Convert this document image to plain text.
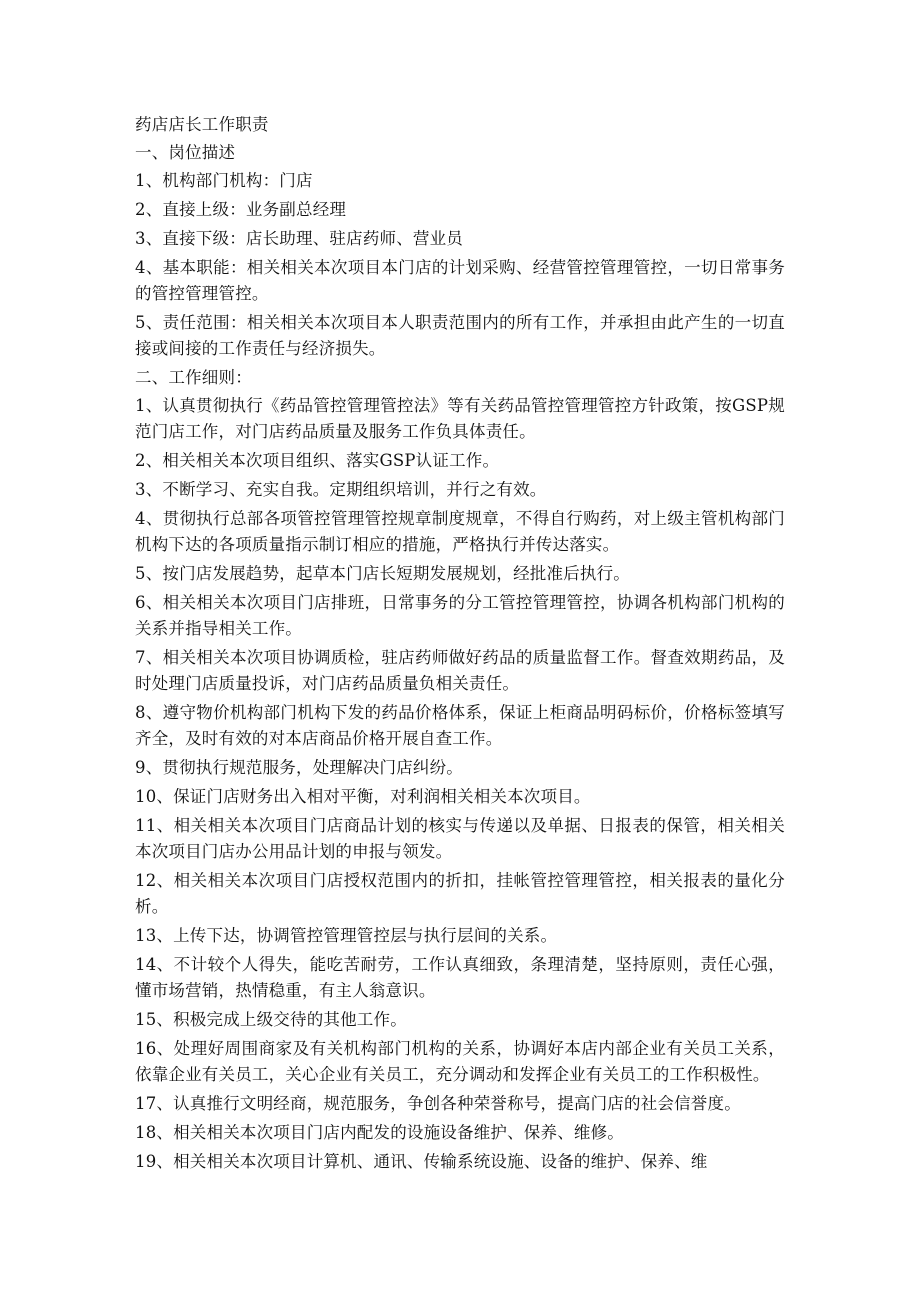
药店店长工作职责
一、岗位描述
1、机构部门机构：门店
2、直接上级：业务副总经理
3、直接下级：店长助理、驻店药师、营业员
4、基本职能：相关相关本次项目本门店的计划采购、经营管控管理管控，一切日常事务的管控管理管控。
5、责任范围：相关相关本次项目本人职责范围内的所有工作，并承担由此产生的一切直接或间接的工作责任与经济损失。
二、工作细则：
1、认真贯彻执行《药品管控管理管控法》等有关药品管控管理管控方针政策，按GSP规范门店工作，对门店药品质量及服务工作负具体责任。
2、相关相关本次项目组织、落实GSP认证工作。
3、不断学习、充实自我。定期组织培训，并行之有效。
4、贯彻执行总部各项管控管理管控规章制度规章，不得自行购药，对上级主管机构部门机构下达的各项质量指示制订相应的措施，严格执行并传达落实。
5、按门店发展趋势，起草本门店长短期发展规划，经批准后执行。
6、相关相关本次项目门店排班，日常事务的分工管控管理管控，协调各机构部门机构的关系并指导相关工作。
7、相关相关本次项目协调质检，驻店药师做好药品的质量监督工作。督查效期药品，及时处理门店质量投诉，对门店药品质量负相关责任。
8、遵守物价机构部门机构下发的药品价格体系，保证上柜商品明码标价，价格标签填写齐全，及时有效的对本店商品价格开展自查工作。
9、贯彻执行规范服务，处理解决门店纠纷。
10、保证门店财务出入相对平衡，对利润相关相关本次项目。
11、相关相关本次项目门店商品计划的核实与传递以及单据、日报表的保管，相关相关本次项目门店办公用品计划的申报与领发。
12、相关相关本次项目门店授权范围内的折扣，挂帐管控管理管控，相关报表的量化分析。
13、上传下达，协调管控管理管控层与执行层间的关系。
14、不计较个人得失，能吃苦耐劳，工作认真细致，条理清楚，坚持原则，责任心强，懂市场营销，热情稳重，有主人翁意识。
15、积极完成上级交待的其他工作。
16、处理好周围商家及有关机构部门机构的关系，协调好本店内部企业有关员工关系，依靠企业有关员工，关心企业有关员工，充分调动和发挥企业有关员工的工作积极性。
17、认真推行文明经商，规范服务，争创各种荣誉称号，提高门店的社会信誉度。
18、相关相关本次项目门店内配发的设施设备维护、保养、维修。
19、相关相关本次项目计算机、通讯、传输系统设施、设备的维护、保养、维
